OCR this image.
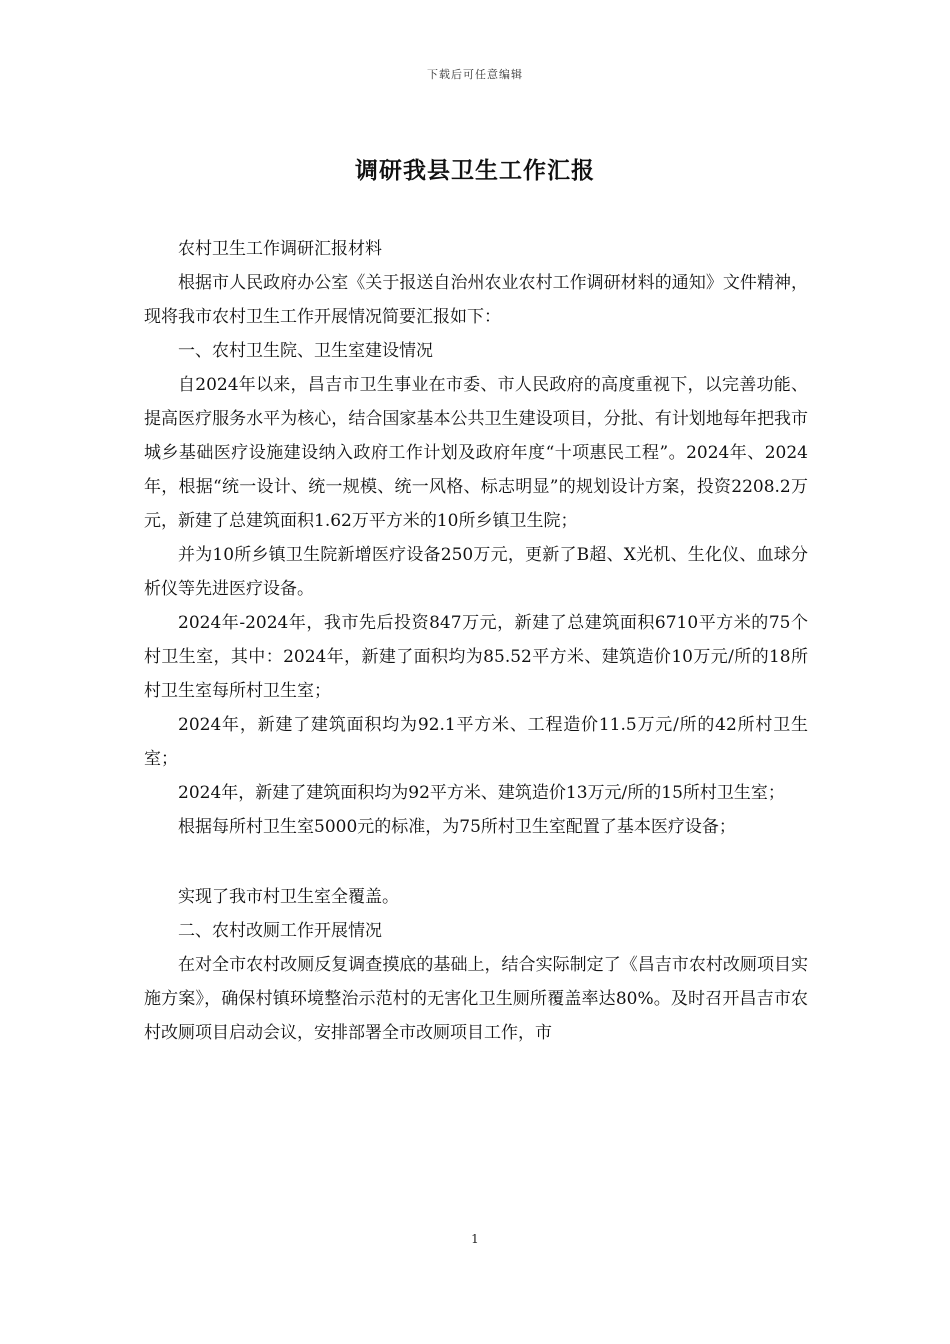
下载后可任意编辑
调研我县卫生工作汇报

农村卫生工作调研汇报材料

根据市人民政府办公室《关于报送自治州农业农村工作调研材料的通知》文件精神，现将我市农村卫生工作开展情况简要汇报如下：

一、农村卫生院、卫生室建设情况

自2024年以来，昌吉市卫生事业在市委、市人民政府的高度重视下，以完善功能、提高医疗服务水平为核心，结合国家基本公共卫生建设项目，分批、有计划地每年把我市城乡基础医疗设施建设纳入政府工作计划及政府年度“十项惠民工程”。2024年、2024年，根据“统一设计、统一规模、统一风格、标志明显”的规划设计方案，投资2208.2万元，新建了总建筑面积1.62万平方米的10所乡镇卫生院；

并为10所乡镇卫生院新增医疗设备250万元，更新了B超、X光机、生化仪、血球分析仪等先进医疗设备。

2024年-2024年，我市先后投资847万元，新建了总建筑面积6710平方米的75个村卫生室，其中：2024年，新建了面积均为85.52平方米、建筑造价10万元/所的18所村卫生室每所村卫生室；

2024年，新建了建筑面积均为92.1平方米、工程造价11.5万元/所的42所村卫生室；

2024年，新建了建筑面积均为92平方米、建筑造价13万元/所的15所村卫生室；

根据每所村卫生室5000元的标准，为75所村卫生室配置了基本医疗设备；

实现了我市村卫生室全覆盖。

二、农村改厕工作开展情况

在对全市农村改厕反复调查摸底的基础上，结合实际制定了《昌吉市农村改厕项目实施方案》，确保村镇环境整治示范村的无害化卫生厕所覆盖率达80%。及时召开昌吉市农村改厕项目启动会议，安排部署全市改厕项目工作，市

1
